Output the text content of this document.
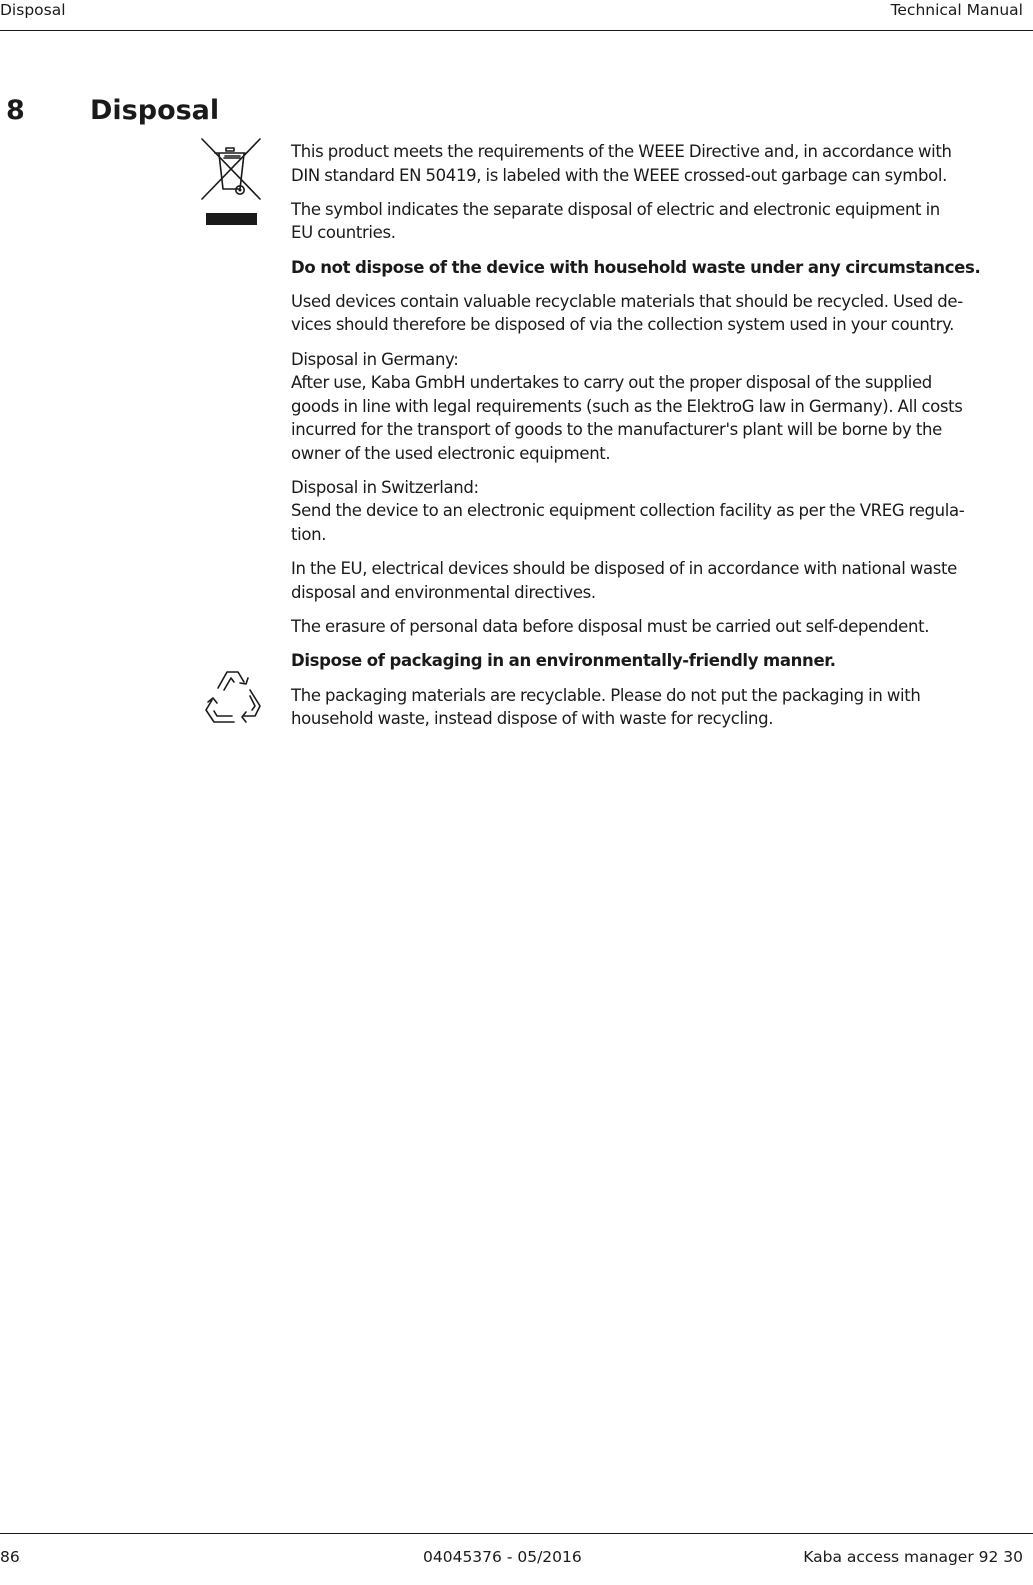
Disposal	Technical Manual
8 Disposal

This product meets the requirements of the WEEE Directive and, in accordance with
DIN standard EN 50419, is labeled with the WEEE crossed-out garbage can symbol.

The symbol indicates the separate disposal of electric and electronic equipment in
EU countries.

Do not dispose of the device with household waste under any circumstances.

Used devices contain valuable recyclable materials that should be recycled. Used de-
vices should therefore be disposed of via the collection system used in your country.

Disposal in Germany:
After use, Kaba GmbH undertakes to carry out the proper disposal of the supplied
goods in line with legal requirements (such as the ElektroG law in Germany). All costs
incurred for the transport of goods to the manufacturer's plant will be borne by the
owner of the used electronic equipment.

Disposal in Switzerland:
Send the device to an electronic equipment collection facility as per the VREG regula-
tion.

In the EU, electrical devices should be disposed of in accordance with national waste
disposal and environmental directives.

The erasure of personal data before disposal must be carried out self-dependent.

Dispose of packaging in an environmentally-friendly manner.

The packaging materials are recyclable. Please do not put the packaging in with
household waste, instead dispose of with waste for recycling.

86	04045376 - 05/2016	Kaba access manager 92 30
